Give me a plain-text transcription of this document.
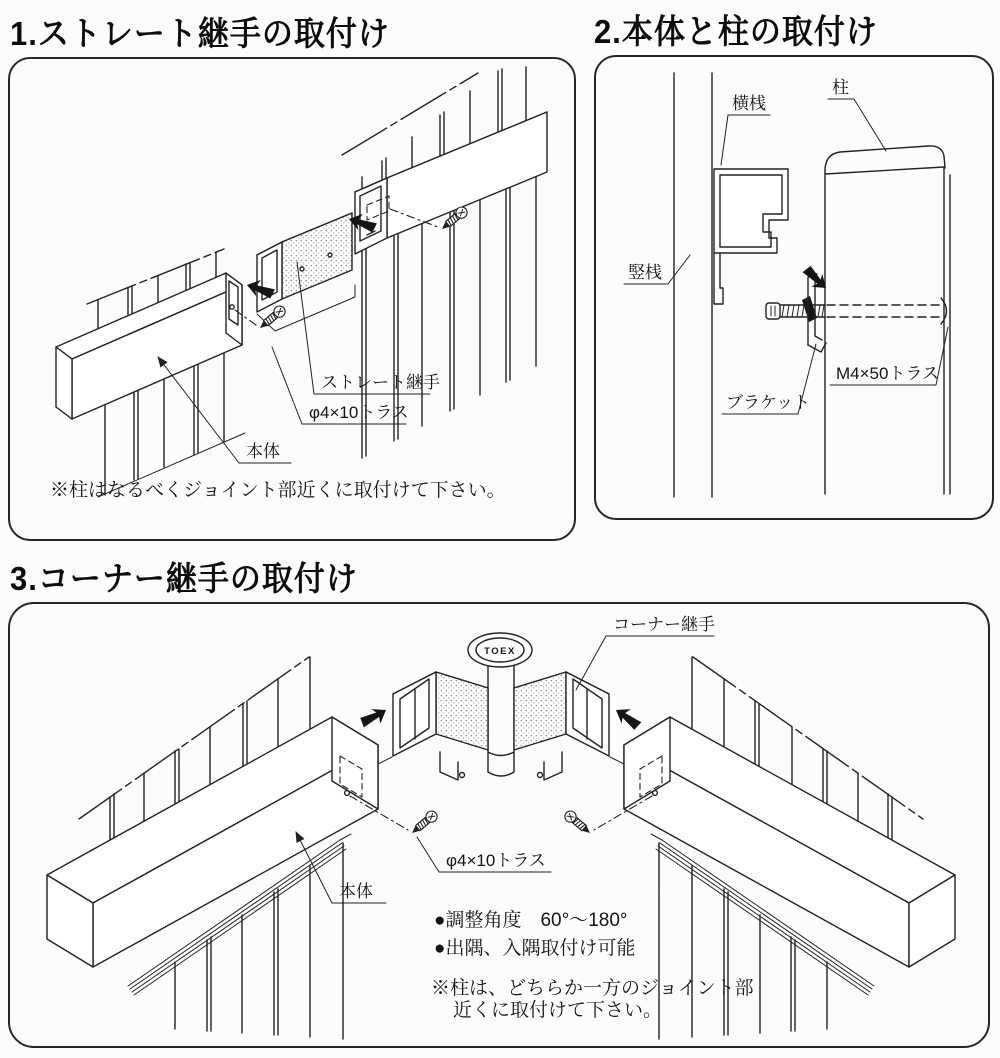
1.ストレート継手の取付け	2.本体と柱の取付け
3.コーナー継手の取付け
ストレート継手
φ4×10トラス
本体
※柱はなるべくジョイント部近くに取付けて下さい。
横桟
柱
竪桟
M4×50トラス
ブラケット
TOEX
コーナー継手
本体
φ4×10トラス
●調整角度　60°～180°
●出隅、入隅取付け可能
※柱は、どちらか一方のジョイント部
近くに取付けて下さい。
